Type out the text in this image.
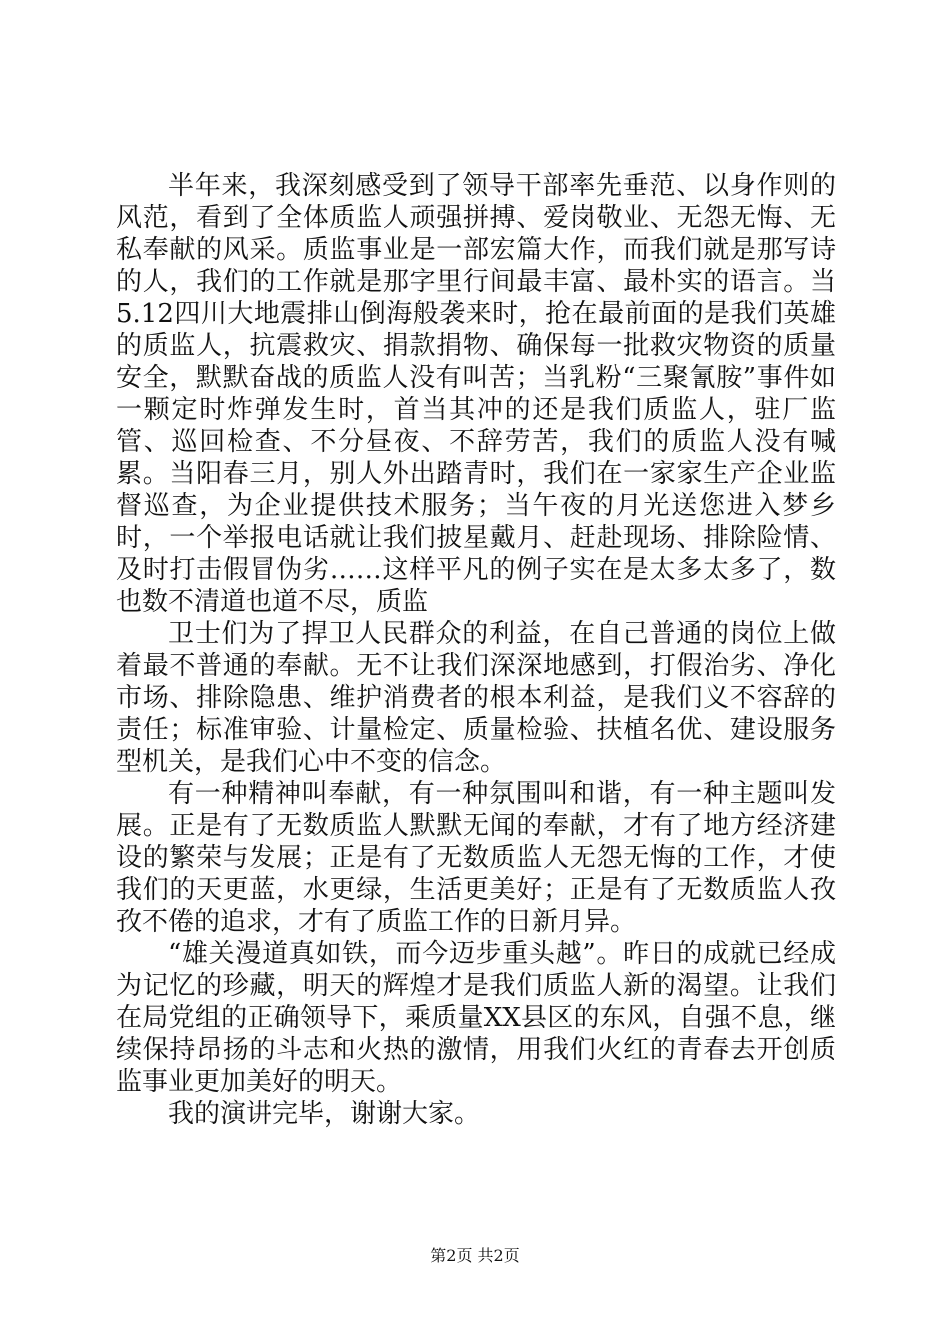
半年来，我深刻感受到了领导干部率先垂范、以身作则的风范，看到了全体质监人顽强拼搏、爱岗敬业、无怨无悔、无私奉献的风采。质监事业是一部宏篇大作，而我们就是那写诗的人，我们的工作就是那字里行间最丰富、最朴实的语言。当5.12四川大地震排山倒海般袭来时，抢在最前面的是我们英雄的质监人，抗震救灾、捐款捐物、确保每一批救灾物资的质量安全，默默奋战的质监人没有叫苦；当乳粉“三聚氰胺”事件如一颗定时炸弹发生时，首当其冲的还是我们质监人，驻厂监管、巡回检查、不分昼夜、不辞劳苦，我们的质监人没有喊累。当阳春三月，别人外出踏青时，我们在一家家生产企业监督巡查，为企业提供技术服务；当午夜的月光送您进入梦乡时，一个举报电话就让我们披星戴月、赶赴现场、排除险情、及时打击假冒伪劣……这样平凡的例子实在是太多太多了，数也数不清道也道不尽，质监

卫士们为了捍卫人民群众的利益，在自己普通的岗位上做着最不普通的奉献。无不让我们深深地感到，打假治劣、净化市场、排除隐患、维护消费者的根本利益，是我们义不容辞的责任；标准审验、计量检定、质量检验、扶植名优、建设服务型机关，是我们心中不变的信念。

有一种精神叫奉献，有一种氛围叫和谐，有一种主题叫发展。正是有了无数质监人默默无闻的奉献，才有了地方经济建设的繁荣与发展；正是有了无数质监人无怨无悔的工作，才使我们的天更蓝，水更绿，生活更美好；正是有了无数质监人孜孜不倦的追求，才有了质监工作的日新月异。

“雄关漫道真如铁，而今迈步重头越”。昨日的成就已经成为记忆的珍藏，明天的辉煌才是我们质监人新的渴望。让我们在局党组的正确领导下，乘质量XX县区的东风，自强不息，继续保持昂扬的斗志和火热的激情，用我们火红的青春去开创质监事业更加美好的明天。

我的演讲完毕，谢谢大家。

第2页 共2页
